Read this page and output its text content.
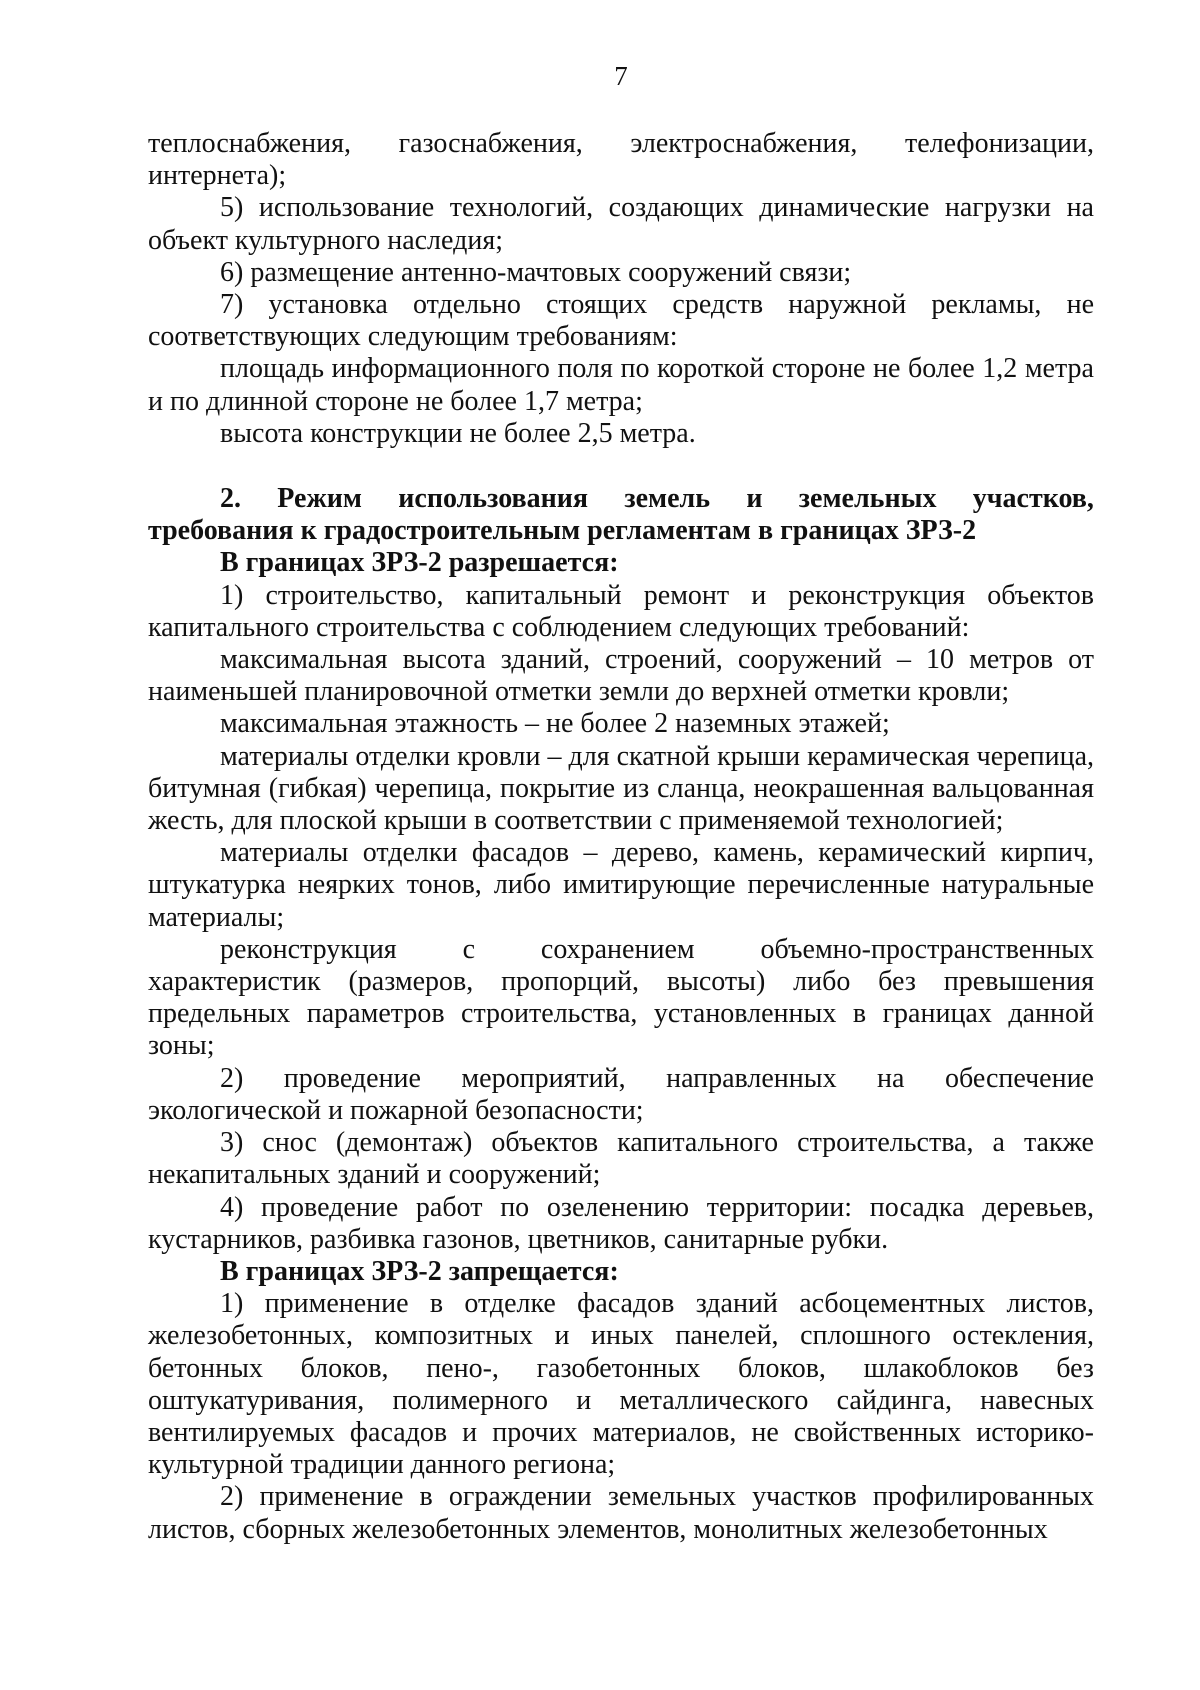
7

теплоснабжения, газоснабжения, электроснабжения, телефонизации, интернета);

5) использование технологий, создающих динамические нагрузки на объект культурного наследия;

6) размещение антенно-мачтовых сооружений связи;

7) установка отдельно стоящих средств наружной рекламы, не соответствующих следующим требованиям:

площадь информационного поля по короткой стороне не более 1,2 метра и по длинной стороне не более 1,7 метра;

высота конструкции не более 2,5 метра.

2. Режим использования земель и земельных участков,

требования к градостроительным регламентам в границах ЗРЗ-2

В границах ЗРЗ-2 разрешается:

1) строительство, капитальный ремонт и реконструкция объектов капитального строительства с соблюдением следующих требований:

максимальная высота зданий, строений, сооружений – 10 метров от наименьшей планировочной отметки земли до верхней отметки кровли;

максимальная этажность – не более 2 наземных этажей;

материалы отделки кровли – для скатной крыши керамическая черепица, битумная (гибкая) черепица, покрытие из сланца, неокрашенная вальцованная жесть, для плоской крыши в соответствии с применяемой технологией;

материалы отделки фасадов – дерево, камень, керамический кирпич, штукатурка неярких тонов, либо имитирующие перечисленные натуральные материалы;

реконструкция с сохранением объемно-пространственных характеристик (размеров, пропорций, высоты) либо без превышения предельных параметров строительства, установленных в границах данной зоны;

2) проведение мероприятий, направленных на обеспечение экологической и пожарной безопасности;

3) снос (демонтаж) объектов капитального строительства, а также некапитальных зданий и сооружений;

4) проведение работ по озеленению территории: посадка деревьев, кустарников, разбивка газонов, цветников, санитарные рубки.

В границах ЗРЗ-2 запрещается:

1) применение в отделке фасадов зданий асбоцементных листов, железобетонных, композитных и иных панелей, сплошного остекления, бетонных блоков, пено-, газобетонных блоков, шлакоблоков без оштукатуривания, полимерного и металлического сайдинга, навесных вентилируемых фасадов и прочих материалов, не свойственных историко-культурной традиции данного региона;

2) применение в ограждении земельных участков профилированных листов, сборных железобетонных элементов, монолитных железобетонных
